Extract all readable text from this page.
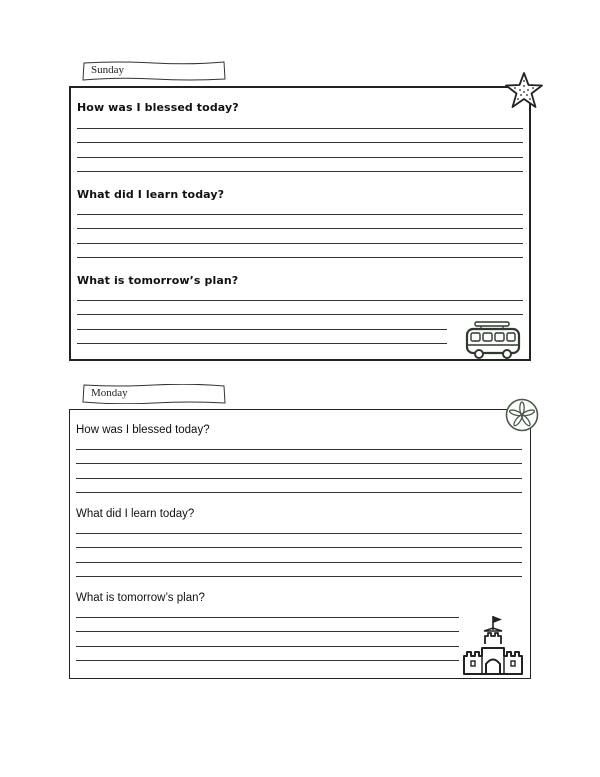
Sunday
How was I blessed today?
What did I learn today?
What is tomorrow’s plan?
Monday
How was I blessed today?
What did I learn today?
What is tomorrow’s plan?
